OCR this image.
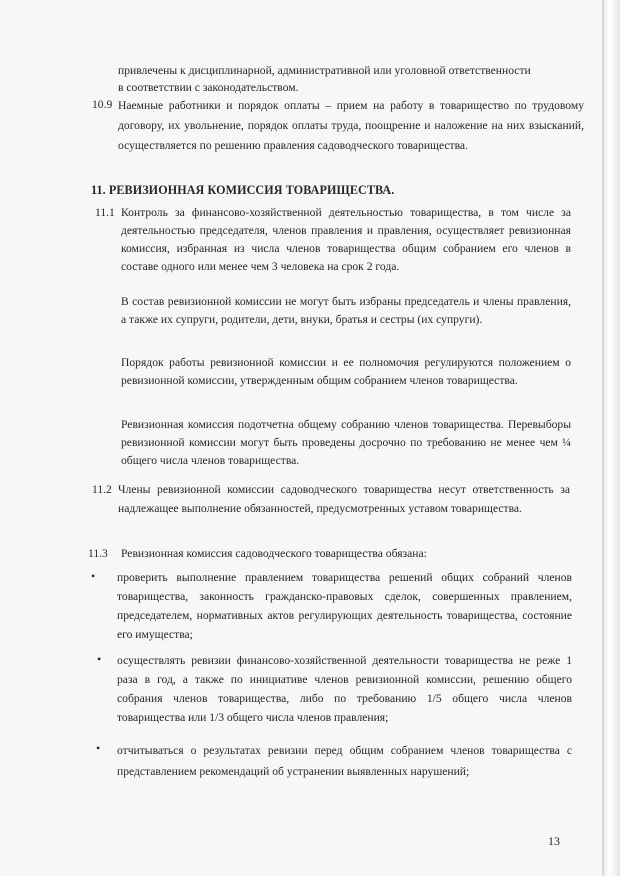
привлечены к дисциплинарной, административной или уголовной ответственности
в соответствии с законодательством.
10.9 Наемные работники и порядок оплаты – прием на работу в товарищество по трудовому договору, их увольнение, порядок оплаты труда, поощрение и наложение на них взысканий, осуществляется по решению правления садоводческого товарищества.
11. РЕВИЗИОННАЯ КОМИССИЯ ТОВАРИЩЕСТВА.
11.1 Контроль за финансово-хозяйственной деятельностью товарищества, в том числе за деятельностью председателя, членов правления и правления, осуществляет ревизионная комиссия, избранная из числа членов товарищества общим собранием его членов в составе одного или менее чем 3 человека на срок 2 года.
В состав ревизионной комиссии не могут быть избраны председатель и члены правления, а также их супруги, родители, дети, внуки, братья и сестры (их супруги).
Порядок работы ревизионной комиссии и ее полномочия регулируются положением о ревизионной комиссии, утвержденным общим собранием членов товарищества.
Ревизионная комиссия подотчетна общему собранию членов товарищества. Перевыборы ревизионной комиссии могут быть проведены досрочно по требованию не менее чем ¼ общего числа членов товарищества.
11.2 Члены ревизионной комиссии садоводческого товарищества несут ответственность за надлежащее выполнение обязанностей, предусмотренных уставом товарищества.
11.3 Ревизионная комиссия садоводческого товарищества обязана:
• проверить выполнение правлением товарищества решений общих собраний членов товарищества, законность гражданско-правовых сделок, совершенных правлением, председателем, нормативных актов регулирующих деятельность товарищества, состояние его имущества;
• осуществлять ревизии финансово-хозяйственной деятельности товарищества не реже 1 раза в год, а также по инициативе членов ревизионной комиссии, решению общего собрания членов товарищества, либо по требованию 1/5 общего числа членов товарищества или 1/3 общего числа членов правления;
• отчитываться о результатах ревизии перед общим собранием членов товарищества с представлением рекомендаций об устранении выявленных нарушений;
13
